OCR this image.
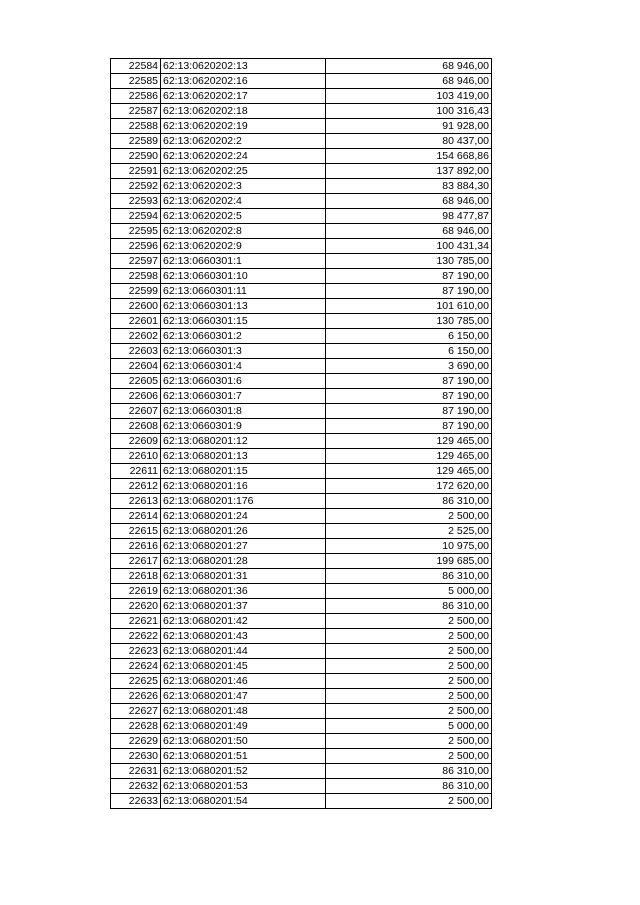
22584	62:13:0620202:13	68 946,00
22585	62:13:0620202:16	68 946,00
22586	62:13:0620202:17	103 419,00
22587	62:13:0620202:18	100 316,43
22588	62:13:0620202:19	91 928,00
22589	62:13:0620202:2	80 437,00
22590	62:13:0620202:24	154 668,86
22591	62:13:0620202:25	137 892,00
22592	62:13:0620202:3	83 884,30
22593	62:13:0620202:4	68 946,00
22594	62:13:0620202:5	98 477,87
22595	62:13:0620202:8	68 946,00
22596	62:13:0620202:9	100 431,34
22597	62:13:0660301:1	130 785,00
22598	62:13:0660301:10	87 190,00
22599	62:13:0660301:11	87 190,00
22600	62:13:0660301:13	101 610,00
22601	62:13:0660301:15	130 785,00
22602	62:13:0660301:2	6 150,00
22603	62:13:0660301:3	6 150,00
22604	62:13:0660301:4	3 690,00
22605	62:13:0660301:6	87 190,00
22606	62:13:0660301:7	87 190,00
22607	62:13:0660301:8	87 190,00
22608	62:13:0660301:9	87 190,00
22609	62:13:0680201:12	129 465,00
22610	62:13:0680201:13	129 465,00
22611	62:13:0680201:15	129 465,00
22612	62:13:0680201:16	172 620,00
22613	62:13:0680201:176	86 310,00
22614	62:13:0680201:24	2 500,00
22615	62:13:0680201:26	2 525,00
22616	62:13:0680201:27	10 975,00
22617	62:13:0680201:28	199 685,00
22618	62:13:0680201:31	86 310,00
22619	62:13:0680201:36	5 000,00
22620	62:13:0680201:37	86 310,00
22621	62:13:0680201:42	2 500,00
22622	62:13:0680201:43	2 500,00
22623	62:13:0680201:44	2 500,00
22624	62:13:0680201:45	2 500,00
22625	62:13:0680201:46	2 500,00
22626	62:13:0680201:47	2 500,00
22627	62:13:0680201:48	2 500,00
22628	62:13:0680201:49	5 000,00
22629	62:13:0680201:50	2 500,00
22630	62:13:0680201:51	2 500,00
22631	62:13:0680201:52	86 310,00
22632	62:13:0680201:53	86 310,00
22633	62:13:0680201:54	2 500,00
